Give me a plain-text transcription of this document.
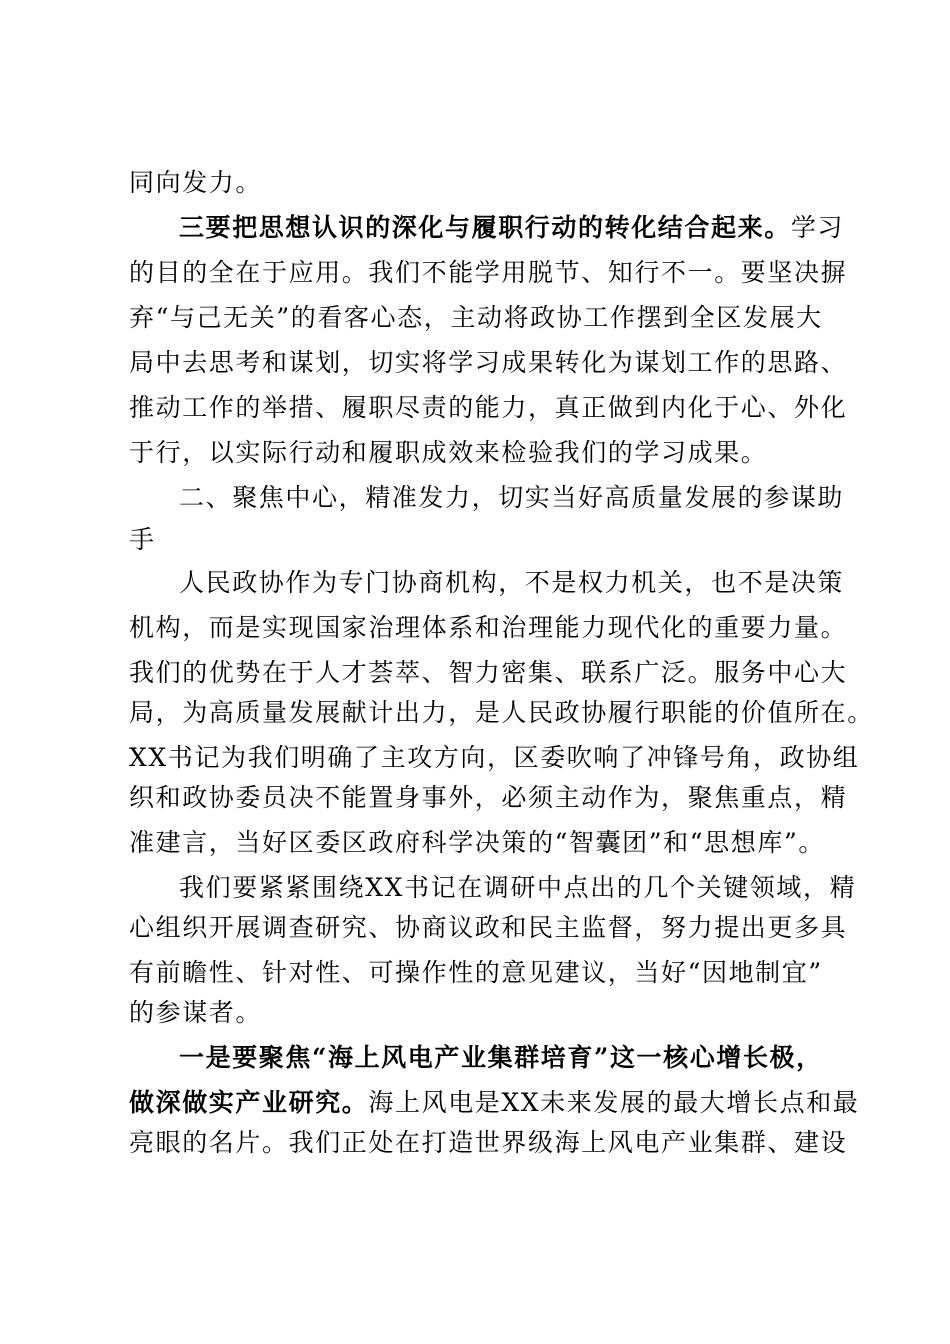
同向发力。
三要把思想认识的深化与履职行动的转化结合起来。学习
的目的全在于应用。我们不能学用脱节、知行不一。要坚决摒
弃“与己无关”的看客心态，主动将政协工作摆到全区发展大
局中去思考和谋划，切实将学习成果转化为谋划工作的思路、
推动工作的举措、履职尽责的能力，真正做到内化于心、外化
于行，以实际行动和履职成效来检验我们的学习成果。
二、聚焦中心，精准发力，切实当好高质量发展的参谋助
手
人民政协作为专门协商机构，不是权力机关，也不是决策
机构，而是实现国家治理体系和治理能力现代化的重要力量。
我们的优势在于人才荟萃、智力密集、联系广泛。服务中心大
局，为高质量发展献计出力，是人民政协履行职能的价值所在。
XX书记为我们明确了主攻方向，区委吹响了冲锋号角，政协组
织和政协委员决不能置身事外，必须主动作为，聚焦重点，精
准建言，当好区委区政府科学决策的“智囊团”和“思想库”。
我们要紧紧围绕XX书记在调研中点出的几个关键领域，精
心组织开展调查研究、协商议政和民主监督，努力提出更多具
有前瞻性、针对性、可操作性的意见建议，当好“因地制宜”
的参谋者。
一是要聚焦“海上风电产业集群培育”这一核心增长极，
做深做实产业研究。海上风电是XX未来发展的最大增长点和最
亮眼的名片。我们正处在打造世界级海上风电产业集群、建设
